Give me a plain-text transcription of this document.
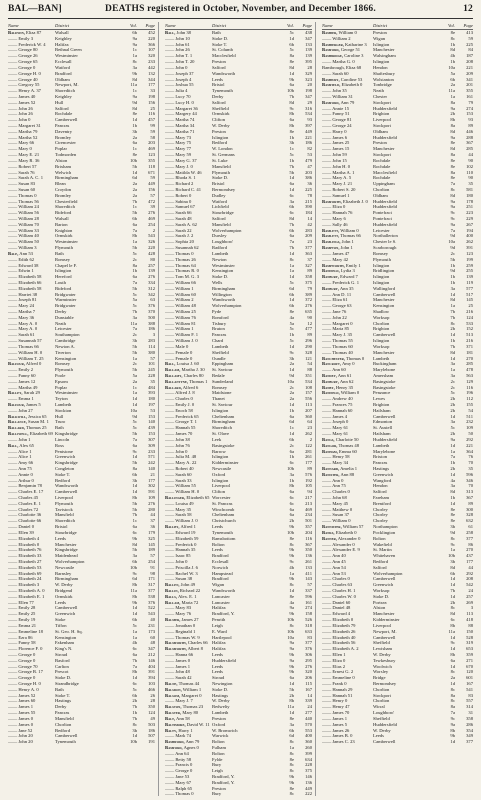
BAL—BAN]	DEATHS registered in October, November, and December 1866.	12
Name	District	Vol.	Page
Baldwin, Eliza 87	Walsall	6b	452
—— Emily 3	Keighley	9a	220
—— Frederick W. 4	Halifax	9a	366
—— George 80	Bethnal Green	1c	107
—— George 26	Westminster	1a	320
—— George 65	Ecclesall	8c	233
—— George 0	Watford	3a	442
—— George H. 0	Bradford	9b	132
—— George 40	Oldham	8d	344
—— Gregory 55	Newport, M.	11a	177
—— Henry A. 37	Shoreditch	1c	33
—— James 40	Keighley	9a	198
—— James 52	Hull	9d	156
—— John 26	Salford	8d	25
—— John 26	Rochdale	8e	116
—— John 0	Camberwell	1d	457
—— Margaret 31	Pancras	1b	99
—— Martha 79	Daventry	3b	59
—— Martha 52	Bromley	2a	58
—— Mary 66	Cirencester	6a	203
—— Mary 0	Poplar	1c	469
—— Mary E. 21	Todmorden	8e	123
—— Mary R. 36	Alston	10b	355
—— Robert 57	Brixham	5b	118
—— Sarah 76	Welwich	1d	671
—— Sarah A. C. 1	Birmingham	6d	59
—— Susan 83	Blean	2a	449
—— Susan 60	Croydon	2a	156
—— Thomas 0	Bromley	2a	57
—— Thomas 56	Chesterfield	7b	472
—— William 24	Shoreditch	1c	39
—— William 56	Bideford	5b	276
—— William 28	Walsall	6b	469
—— William 70	Barton	6a	254
—— William 33	Knighton	7a	2
—— William 40	Ormskirk	8b	543
—— William 50	Westminster	1a	326
—— William 3	Plymouth	5b	220
Bale, Ann 53	Bath	5c	428
—— Edith 62	Romsey	2c	80
—— Edward 38	Chapel le F.	8a	257
—— Edwin 1	Islington	1b	139
—— Elizabeth 58	Hereford	6a	276
—— Elizabeth 66	Louth	7a	334
—— Elizabeth 58	Bideford	5b	312
—— Harriet 38	Bridgwater	5c	342
—— Joseph 81	Warminster	5a	63
—— Mary 24	Bridgwater	5c	376
—— Martha 7	Derby	7b	370
—— Mary 36	Dunstable	3a	500
—— Mary A. 0	Neath	11a	388
—— Mary A. 0	Leicester	7a	186
—— Sarah 61	Southampton	2c	3
—— Susannah 57	Cambridge	3b	283
—— Thomas 66	Newton A.	5b	114
—— William H. 0	Tiverton	5b	380
—— William T. 25	Kensington	1a	57
Balfour, Alfred 0	Romsey	2c	101
—— Emily 2	Plymouth	5b	245
—— Fanny 60	Poole	5a	228
—— James 12	Epsom	2a	35
—— Martha 49	Poplar	1c	484
Balley, Sarah 29	Westminster	1a	393
—— Emma 1	Teyton	1d	180
Balfour, James 5	Lambeth	1d	197
—— John 27	Stockton	10a	53
Balkwill, Jessica 65	Hull	9d	153
Ballance, Susan M. 1	Truro	5c	140
Ballard, Thomas 25	Bath	5c	439
Balliwell, Elizabeth 69 Kingsbridge	5b	153
—— John 1	Lincoln	7a	307
Ball, Alex 65	Ross	6a	309
—— Alice 1	Penistone	9c	233
—— Alice 1	Greenwich	1d	571
—— Amy 66	Kingsbridge	5b	242
—— Ann 75	Congleton	8a	140
—— Annie 0	Stoke T.	6b	21
—— Arthur 0	Bedford	3b	177
—— Benjamin 78	Wandsworth	1d	302
—— Charles E. 17	Camberwell	1d	591
—— Charles 45	Liverpool	8b	109
—— Charles E. 1	Plymouth	5b	276
—— Charles 72	Tavistock	5b	280
—— Charlotte 36	Mansfield	7b	44
—— Charlotte 66	Shoreditch	1c	37
—— Daniel 0	Bristol	6a	36
—— Ellen 39	Stourbridge	6c	179
—— Elizabeth 4	Leeds	9b	325
—— Elizabeth 0	Manchester	8d	145
—— Elizabeth 76	Kingsbridge	5b	189
—— Elizabeth 33	Maidenhead	3a	57
—— Elizabeth 27	Wolverhampton	6b	254
—— Elizabeth 53	Newcastle	10b	91
—— Elizabeth 69	Barnsley	9c	98
—— Elizabeth 24	Birmingham	6d	171
—— Elizabeth 3	W. Derby	8b	317
—— Elizabeth A. 0	Bridgend	11a	377
—— Elizabeth E. 1	Ormskirk	8b	538
—— Ellen 77	Leeds	9b	376
—— Emily 28	Camberwell	1d	522
—— Emily 25	Greenwich	1d	543
—— Emily 19	Stoke	6b	40
—— Emma 21	Tiffon	5c	231
—— Emmeline 18	St. Geo. H. Sq.	1a	173
—— Ezra 86	Kensington	1a	60
—— Fanny 58	Fakenham	4b	48
—— Florence F. 0	King's N.	6c	347
—— George 0	Stroud	6a	212
—— George 0	Basford	7b	146
—— George 70	Carlton	7a	404
—— George B. 17	Prescot	8b	391
—— George 0	Stoke D.	1d	394
—— George H. 0	Strandbridge	6c	103
—— Henry A. 0	Bath	5c	466
—— James 52	Stoke T.	6b	26
—— James 60	Hastings	2b	28
—— James 1	Derby	7b	350
—— James 55	Pancras	1b	124
—— James 0	Mansfield	7b	49
—— James 0	Chorlton	8c	503
—— Jane 52	Bedford	3b	186
—— John 20	Camberwell	1d	507
—— John 20	Tynemouth	10b	191
Name	District	Vol.	Page
Ball, John 38	Bath	5c	438
—— John 10	Stoke D.	1d	347
—— John 61	Stoke T.	6b	133
—— John 26	St. Columb	5c	139
—— John T. 1	Macclesfield	8a	139
—— John T. 20	Preston	8e	395
—— John 0	Salford	8d	28
—— Joseph 37	Wandsworth	1d	329
—— Joseph 4	Leeds	9b	323
—— Joshua 55	Bristol	6a	20
—— Julia 4	Tynemouth	10b	198
—— Lucy 70	Derby	7b	347
—— Lucy H. 0	Salford	8d	29
—— Margaret 36	Sheffield	9c	316
—— Margery 44	Ormskirk	8b	534
—— Martha 74	Clifton	6a	93
—— Martha 34	W. Derby	8b	397
—— Martha 71	Preston	8e	449
—— Mary 73	Islington	1b	221
—— Mary 75	Bedford	3b	186
—— Mary 77	W. London	1c	82
—— Mary 59	St. Germans	5c	53
—— Mary G. 37	St. Luke	1b	479
—— Mary J. 0	Mansfield	7b	47
—— Matilda W. 46	Plymouth	5b	203
—— Rhoda S. 1	Stoke D.	1d	386
—— Richard 2	Bristol	6a	36
—— Richard C. 41	Bermondsey	1d	225
—— Robert 0	Dudley	6c	78
—— Sabina 0	Watford	3a	215
—— Samuel 67	Lichfield	6b	390
—— Sarah 66	Stourbridge	6c	184
—— Sarah 48	Salford	8d	14
—— Sarah A. 62	Mansfield	7b	42
—— Sarah 22	Wolverhampton	6b	283
—— Sarah J. 2	Dursley	6a	209
—— Sophia 20	Loughboro'	7a	23
—— Susannah 62	Radford	7b	377
—— Thomas 0	Lambeth	1d	363
—— Thomas 26	Newton	8c	37
—— Thomas 64	Westminster	1a	327
—— Thomas R. 0	Kensington	1a	89
—— Tom M. G. 3	Stoke D.	1d	358
—— William 66	Wells	5c	375
—— William 1	Birmingham	6d	79
—— William 60	Willington	6b	389
—— William 2	Wandsworth	1d	372
—— William 48	Wolverhampton	6b	276
—— William 25	Pyde	8e	635
—— William 76	Romford	4a	90
—— William 81	Tisbury	5a	12
—— William 1	Bruton	5c	477
—— William F. 1	Pancras	1b	89
—— William J. 0	Chard	5c	296
—— Male 0	Lambeth	1d	290
—— Female 0	Sheffield	9c	328
—— Female 0	Oundle	3b	121
Ball, Louisa J. 60	Eppingham	2a	54
Ballam, Martha J. 30	St. Saviour	1d	88
Ballamy, Charles 80	Bedale	9d	351
Ballantyne, Thomas 1	Sunderland	10a	534
Ballard, Alfred 6	Romsey	2c	108
—— Alfred J. 8	Maidstone	2a	157
—— Charles 0	Thanet	2a	556
—— Emily J. 0	St. Saviour	1d	113
—— Enoch 58	Islington	1b	207
—— Frederick 65	Cheltenham	6a	360
—— George T. 1	Birmingham	6d	64
—— Hannah 55	Shoreditch	1c	23
—— James 70	St. Olave	1d	262
—— John 38	Leek	6b	2
—— John 76	Basingstoke	2c	122
—— John 0	Barrow	6a	281
—— Julia M. 48	Islington	1b	261
—— Mary A. 22	Kidderminster	6c	177
—— Robert 40	Newcastle	10b	89
—— Sarah 60	Oxford	3a	576
—— Sarah 33	Islington	1b	192
—— William 55	Liverpool	8b	105
—— William H. 0	Clifton	6a	94
Ballinger, Elizabeth 65 Worcester	6c	217
—— Louisa 49	St. Pancras	6c	213
—— Mary 35	Winchcomb	6a	469
—— Sarah 58	Cheltenham	6a	234
—— William J. 0	Christchurch	2b	501
Ballby, Alfred 1	Leeds	9b	357
—— Edward 19	Tynemouth	10b	204
—— Elizabeth 59	Ramsbottom	8e	116
—— Frederick 0	Bolton	8c	367
—— Hannah 35	Leeds	9b	350
—— Isaac 85	Bradford	9b	136
—— John 0	Ecclesall	9c	261
—— Priscilla J. 6	Norwich	4b	133
—— Rachel W. 3	Hampstead	1a	411
—— Susan 38	Bradford	9b	143
Ballen, John 49	Wigan	8c	57
Ballin, Richard 22	Wandsworth	1d	337
Balls, Alex. E. 1	Lancaster	8e	596
Ballam, Maria 72	Lancaster	4a	161
—— Mary 83	Halifax	9a	274
—— Mary 76	Bradford, Y.	9b	158
Balmer, James 27	Penrith	10b	526
—— Jonathan 0	Leigh	8c	318
—— Reginald 1	E. Ward	10b	633
—— Thomas W. 9	Hartlepool	10a	83
Balmforth, Charles 66 Halifax	9a	377
Balmforth, Albert 8	Halifax	9a	376
—— Hanna 66	Leeds	9b	306
—— James 0	Huddersfield	9a	295
—— James 1	Leeds	9b	276
—— John 48	Leeds	9b	320
—— Sarah 42	Stroud	6a	206
Balne, Thomas 44	Newington	1d	115
Balsdon, William 1	Stoke D.	5b	167
Balsom, Margaret 0	Hastings	2b	14
—— Mary J. 7	W. Derby	8b	339
Balston, Thomas 23	Bedwelty	11a	24
Balster, Mary 80	Lambeth	1d	277
Balt, Ann 58	Preston	8e	440
Baltimore, David W. 11 Oxford	3a	570
Balty, Harry 1	W. Bromwich	6b	553
—— Mark 74	Warwick	6d	400
Bambford, Ann 79	Bolton	8c	360
Bamford, Agnes 0	Fulham	1a	260
—— Ann 64	Bolton	8c	399
—— Betty 58	Fylde	8e	634
—— Francis 0	Bury	8c	228
—— George 0	Leigh	8c	375
—— Jane 53	Bradford, Y.	9b	146
—— Mary 67	Bradford, Y.	9b	136
—— Ralph 65	Preston	8e	449
—— Thomas 0	Bury	8c	222
Name	District	Vol.	Page
Bamber, William 0	Preston	8e	413
—— William 2	Wigan	8c	59
Bamberger, Katharine 3	Islington	1b	225
Bamford, George 51	Manchester	8d	84
Bambridge, Caroline 3	Walsingham	4b	187
—— Martha G. 0	Islington	1b	208
Bambrough, Eliza 68	Hendon	10a	221
—— Sarah 60	Shaftesbury	5a	209
Bambury, Caroline 53	Wolstanton	6b	341
Bamfield, Elizabeth 0	Tonbridge	2a	201
—— John 35	Neath	11a	355
—— William 31	Chester	1a	161
Bamford, Ann 79	Stockport	8a	79
—— Annie 15	Huddersfield	9a	274
—— Fanny 51	Brighton	2b	153
—— George 81	Liverpool	8b	93
—— George 24	Stockport	8a	89
—— Harry 0	Oldham	8d	446
—— James 6	Huddersfield	9a	288
—— James 25	Preston	8e	367
—— James 15	Manchester	8d	285
—— John 59	Stockport	8a	44
—— John 15	Rochdale	8e	90
—— John H. 0	Rochdale	8e	102
—— Martha A. 1	Macclesfield	8a	110
—— Mary A. 5	Rochdale	8e	90
—— Mary J. 21	Uppingham	7a	35
—— Robert S. 20	Chorlton	8c	581
—— Samuel 1	Oldham	8d	180
Bamforth, Elizabeth J. 0	Huddersfield	9a	178
—— Eliza 0	Huddersfield	9a	251
—— Hannah 76	Pontefract	9c	223
—— Mary 6	Pontefract	9c	229
—— Sally 46	Huddersfield	9a	267
Bamlett, William 0	Leicester	7a	194
Bamlett, Thomas 66	Northallerton	9d	400
Bamlings, John 1	Chester le S.	10a	262
Bampton, John 1	Scarborough	9d	391
—— James 47	Romsey	2c	123
—— Mary 42	Plymouth	5b	199
Bampworth, Emily 1	Islington	1b	259
Banfield, Lydia 3	Bridlington	9d	255
Banbury, Edward 7	Islington	1b	139
—— Frederick G. 1	Islington	1b	119
Banbury, Ann 35	Wallingford	3a	577
—— Ann D. 11	Camberwell	1d	517
—— Eliza 61	Manchester	8d	145
—— George 63	Kensington	1a	25
—— Jane 76	Shadlow	7b	216
—— John 22	Worksop	7b	124
—— Margaret 0	Chorlton	8c	533
—— Maria 85	Brighton	2b	152
—— Mary J. 35	Camberwell	1d	513
—— Thomas 55	Islington	1b	216
—— Thomas 60	Worksop	7b	371
—— Thomas 40	Manchester	8d	181
Banchester, Thomas 0	Lambeth	1d	270
Bancroft, Amy 0	Buckingham	3a	285
—— Ann 60	Marylebone	1a	478
Bandey, Ann 61	Amersham	3a	563
Banbury, Ann 62	Basingstoke	2c	129
Banby, Henry 35	Basingstoke	2c	116
Banfield, William 0	Penzance	5c	196
—— Andrew 40	Lewes	2b	112
—— Frances 75	Brighton	2b	155
—— Hannah 60	Hailsham	2b	54
—— James 4	Camberwell	1d	511
—— Joseph 0	Edmonton	3a	232
—— Mary 61	St. Austell	5c	109
—— Mary 61	Hailsham	2b	50
Bangs, Charlotte 50	Huddersfield	9a	292
Bangor, Thomas 48	Lambeth	1d	221
Banham, Emma 60	Marylebone	1a	364
—— Henry 58	Brixton	7a	76
—— Mary 34	Pancras	1b	70
Bannard, Amelia 1	Hastings	2b	35
Banister, Ann 88	Greenwich	1d	596
—— Ann 0	Wangford	4a	346
—— Ann 75	Hendon	3a	70
—— Charles 0	Salford	8d	313
—— John 68	Fareham	1b	367
—— Mary 45	Brentford	1d	89
—— Matthew 0	Chorley	8e	300
—— Susan 37	Chorley	8e	328
—— William 0	Chorley	8e	632
Bannister, William 57	Northampton	3b	61
Banks, Elizabeth 0	Pocklington	9d	258
Banner, Alexander 0	Bolton	8c	377
—— Alexander 0	Wakefield	9c	86
—— Alexander E. 9	St. Martin	1a	270
—— Ann 40	Whitehaven	10b	437
—— Ann 45	Bedford	3b	177
—— Ann 54	Salford	8d	44
—— Ann 53	Wolverhampton	6b	292
—— Charles 0	Camberwell	1d	208
—— Charles 63	Greenwich	1d	542
—— Charles H. 1	Worksop	7b	24
—— Charles W. 0	Stoke D.	1d	257
—— Daniel 60	Portsea	2b	269
—— Daniel 48	Alston	8c	3
—— Edward 4	Manchester	8d	113
—— Elizabeth 0	Kidderminster	6c	418
—— Elizabeth 79	Liverpool	8b	88
—— Elizabeth 26	Newport, M.	11a	150
—— Elizabeth 40	Camberwell	1d	528
—— Elizabeth 56	Sheffield	9c	319
—— Elizabeth A. 2	Lewisham	1d	653
—— Ellen 1	W. Derby	8b	359
—— Eliza 0	Tewkesbury	6a	271
—— Elias 2	Woolwich	1d	670
—— Ernest G. 2	Worsley	8c	120
—— Emmeline 0	Bridge	2a	601
—— Frank 0	Bermondsey	1d	167
—— Hannah 29	Chorlton	8c	541
—— Hannah 51	Stockport	8a	83
—— Henry 0	Chorlton	8c	557
—— Henry 47	Wirral	8a	314
—— James 70	Loughboro'	7a	31
—— James 1	Sheffield	9c	358
—— James 5	Huddersfield	9a	286
—— James 26	W. Derby	8b	354
—— James B. 0	Leeds	9b	349
—— James C. 23	Camberwell	1d	377
